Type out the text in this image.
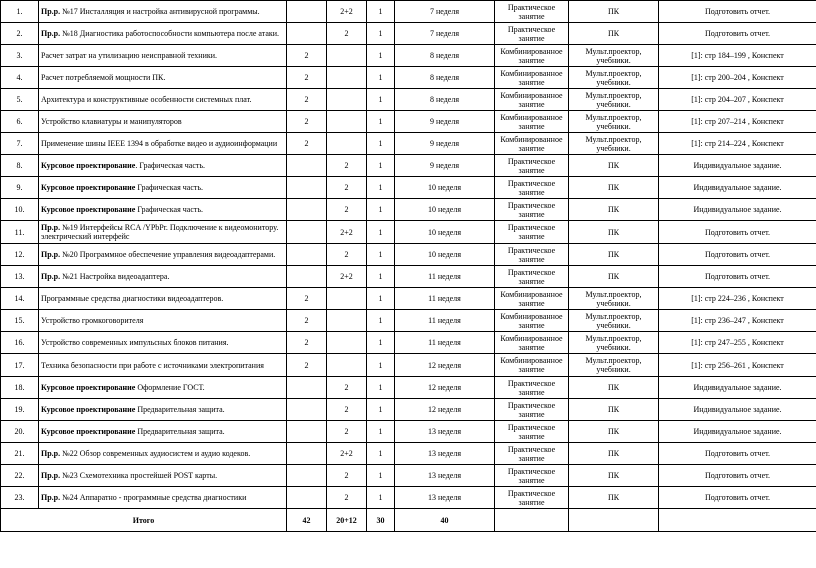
1.	Пр.р. №17 Инсталляция и настройка антивирусной программы.		2+2	1	7 неделя	Практическое занятие	ПК	Подготовить отчет.
2.	Пр.р. №18 Диагностика работоспособности компьютера после атаки.		2	1	7 неделя	Практическое занятие	ПК	Подготовить отчет.
3.	Расчет затрат на утилизацию неисправной техники.	2		1	8 неделя	Комбинированное занятие	Мульт.проектор, учебники.	[1]: стр 184–199 , Конспект
4.	Расчет потребляемой мощности ПК.	2		1	8 неделя	Комбинированное занятие	Мульт.проектор, учебники.	[1]: стр 200–204 , Конспект
5.	Архитектура и конструктивные особенности системных плат.	2		1	8 неделя	Комбинированное занятие	Мульт.проектор, учебники.	[1]: стр 204–207 , Конспект
6.	Устройство клавиатуры и манипуляторов	2		1	9 неделя	Комбинированное занятие	Мульт.проектор, учебники.	[1]: стр 207–214 , Конспект
7.	Применение шины IEEE 1394 в обработке видео и аудиоинформации	2		1	9 неделя	Комбинированное занятие	Мульт.проектор, учебники.	[1]: стр 214–224 , Конспект
8.	Курсовое проектирование. Графическая часть.		2	1	9 неделя	Практическое занятие	ПК	Индивидуальное задание.
9.	Курсовое проектирование Графическая часть.		2	1	10 неделя	Практическое занятие	ПК	Индивидуальное задание.
10.	Курсовое проектирование Графическая часть.		2	1	10 неделя	Практическое занятие	ПК	Индивидуальное задание.
11.	Пр.р. №19 Интерфейсы RCA /YPbPr. Подключение к видеомонитору. электрический интерфейс		2+2	1	10 неделя	Практическое занятие	ПК	Подготовить отчет.
12.	Пр.р. №20 Программное обеспечение управления видеоадаптерами.		2	1	10 неделя	Практическое занятие	ПК	Подготовить отчет.
13.	Пр.р. №21 Настройка видеоадаптера.		2+2	1	11 неделя	Практическое занятие	ПК	Подготовить отчет.
14.	Программные средства диагностики видеоадаптеров.	2		1	11 неделя	Комбинированное занятие	Мульт.проектор, учебники.	[1]: стр 224–236 , Конспект
15.	Устройство громкоговорителя	2		1	11 неделя	Комбинированное занятие	Мульт.проектор, учебники.	[1]: стр 236–247 , Конспект
16.	Устройство современных импульсных блоков питания.	2		1	11 неделя	Комбинированное занятие	Мульт.проектор, учебники.	[1]: стр 247–255 , Конспект
17.	Техника безопасности при работе с источниками электропитания	2		1	12 неделя	Комбинированное занятие	Мульт.проектор, учебники.	[1]: стр 256–261 , Конспект
18.	Курсовое проектирование Оформление ГОСТ.		2	1	12 неделя	Практическое занятие	ПК	Индивидуальное задание.
19.	Курсовое проектирование Предварительная защита.		2	1	12 неделя	Практическое занятие	ПК	Индивидуальное задание.
20.	Курсовое проектирование Предварительная защита.		2	1	13 неделя	Практическое занятие	ПК	Индивидуальное задание.
21.	Пр.р. №22 Обзор современных аудиосистем и аудио кодеков.		2+2	1	13 неделя	Практическое занятие	ПК	Подготовить отчет.
22.	Пр.р. №23 Схемотехника простейшей POST карты.		2	1	13 неделя	Практическое занятие	ПК	Подготовить отчет.
23.	Пр.р. №24 Аппаратно - программные средства диагностики		2	1	13 неделя	Практическое занятие	ПК	Подготовить отчет.
Итого		42	20+12	30	40			
